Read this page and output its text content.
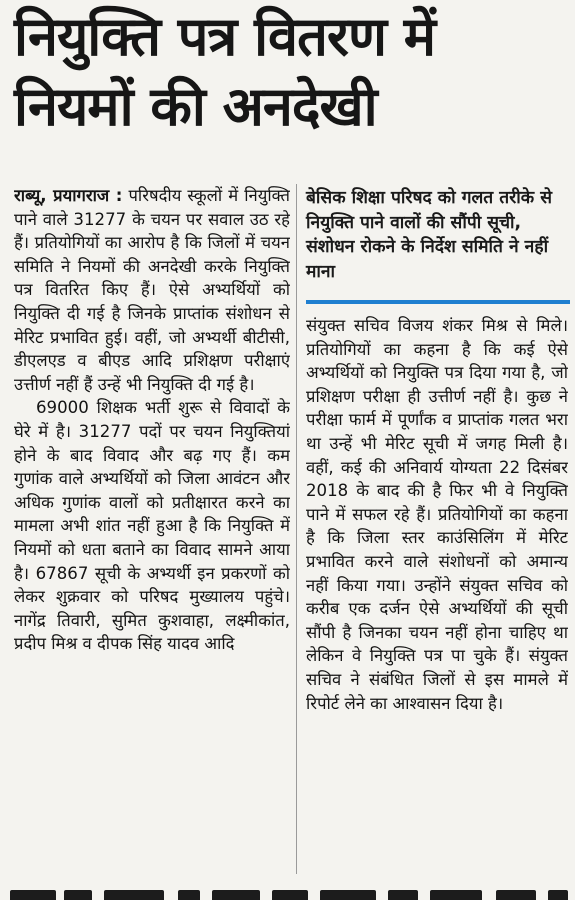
नियुक्ति पत्र वितरण में
नियमों की अनदेखी

राब्यू, प्रयागराज : परिषदीय स्कूलों में नियुक्ति पाने वाले 31277 के चयन पर सवाल उठ रहे हैं। प्रतियोगियों का आरोप है कि जिलों में चयन समिति ने नियमों की अनदेखी करके नियुक्ति पत्र वितरित किए हैं। ऐसे अभ्यर्थियों को नियुक्ति दी गई है जिनके प्राप्तांक संशोधन से मेरिट प्रभावित हुई। वहीं, जो अभ्यर्थी बीटीसी, डीएलएड व बीएड आदि प्रशिक्षण परीक्षाएं उत्तीर्ण नहीं हैं उन्हें भी नियुक्ति दी गई है।

69000 शिक्षक भर्ती शुरू से विवादों के घेरे में है। 31277 पदों पर चयन नियुक्तियां होने के बाद विवाद और बढ़ गए हैं। कम गुणांक वाले अभ्यर्थियों को जिला आवंटन और अधिक गुणांक वालों को प्रतीक्षारत करने का मामला अभी शांत नहीं हुआ है कि नियुक्ति में नियमों को धता बताने का विवाद सामने आया है। 67867 सूची के अभ्यर्थी इन प्रकरणों को लेकर शुक्रवार को परिषद मुख्यालय पहुंचे। नागेंद्र तिवारी, सुमित कुशवाहा, लक्ष्मीकांत, प्रदीप मिश्र व दीपक सिंह यादव आदि

बेसिक शिक्षा परिषद को गलत तरीके से नियुक्ति पाने वालों की सौंपी सूची, संशोधन रोकने के निर्देश समिति ने नहीं माना

संयुक्त सचिव विजय शंकर मिश्र से मिले। प्रतियोगियों का कहना है कि कई ऐसे अभ्यर्थियों को नियुक्ति पत्र दिया गया है, जो प्रशिक्षण परीक्षा ही उत्तीर्ण नहीं है। कुछ ने परीक्षा फार्म में पूर्णांक व प्राप्तांक गलत भरा था उन्हें भी मेरिट सूची में जगह मिली है। वहीं, कई की अनिवार्य योग्यता 22 दिसंबर 2018 के बाद की है फिर भी वे नियुक्ति पाने में सफल रहे हैं। प्रतियोगियों का कहना है कि जिला स्तर काउंसिलिंग में मेरिट प्रभावित करने वाले संशोधनों को अमान्य नहीं किया गया। उन्होंने संयुक्त सचिव को करीब एक दर्जन ऐसे अभ्यर्थियों की सूची सौंपी है जिनका चयन नहीं होना चाहिए था लेकिन वे नियुक्ति पत्र पा चुके हैं। संयुक्त सचिव ने संबंधित जिलों से इस मामले में रिपोर्ट लेने का आश्वासन दिया है।
